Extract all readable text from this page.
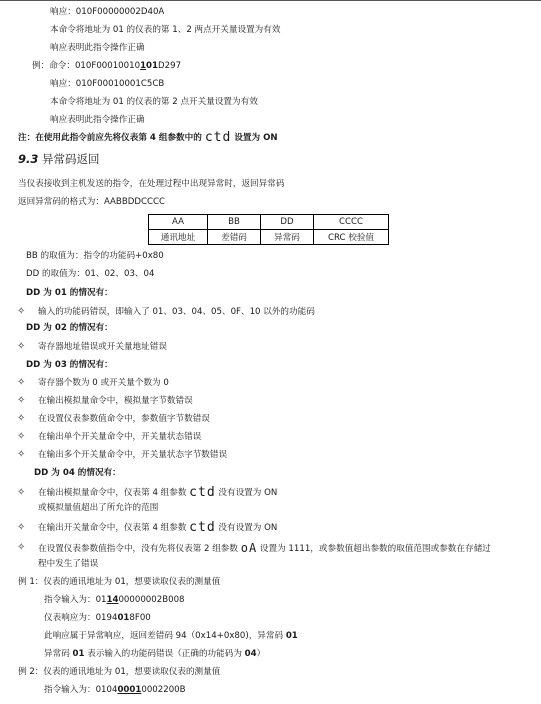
响应：010F00000002D40A
本命令将地址为 01 的仪表的第 1、2 两点开关量设置为有效
响应表明此指令操作正确
例：命令：010F00010010101D297
响应：010F00010001C5CB
本命令将地址为 01 的仪表的第 2 点开关量设置为有效
响应表明此指令操作正确
注：在使用此指令前应先将仪表第 4 组参数中的 ctd 设置为 ON
9.3 异常码返回
当仪表接收到主机发送的指令，在处理过程中出现异常时，返回异常码
返回异常码的格式为：AABBDDCCCC
AA	BB	DD	CCCC
通讯地址	差错码	异常码	CRC 校验值
BB 的取值为：指令的功能码+0x80
DD 的取值为：01、02、03、04
DD 为 01 的情况有：
✧ 输入的功能码错误，即输入了 01、03、04、05、0F、10 以外的功能码
DD 为 02 的情况有：
✧ 寄存器地址错误或开关量地址错误
DD 为 03 的情况有：
✧ 寄存器个数为 0 或开关量个数为 0
✧ 在输出模拟量命令中，模拟量字节数错误
✧ 在设置仪表参数值命令中，参数值字节数错误
✧ 在输出单个开关量命令中，开关量状态错误
✧ 在输出多个开关量命令中，开关量状态字节数错误
DD 为 04 的情况有：
✧ 在输出模拟量命令中，仪表第 4 组参数 ctd 没有设置为 ON
或模拟量值超出了所允许的范围
✧ 在输出开关量命令中，仪表第 4 组参数 ctd 没有设置为 ON
✧ 在设置仪表参数值指令中，没有先将仪表第 2 组参数 oA 设置为 1111，或参数值超出参数的取值范围或参数在存储过
程中发生了错误
例 1：仪表的通讯地址为 01，想要读取仪表的测量值
指令输入为：011400000002B008
仪表响应为：0194018F00
此响应属于异常响应，返回差错码 94（0x14+0x80)，异常码 01
异常码 01 表示输入的功能码错误（正确的功能码为 04）
例 2：仪表的通讯地址为 01，想要读取仪表的测量值
指令输入为：010400010002200B
